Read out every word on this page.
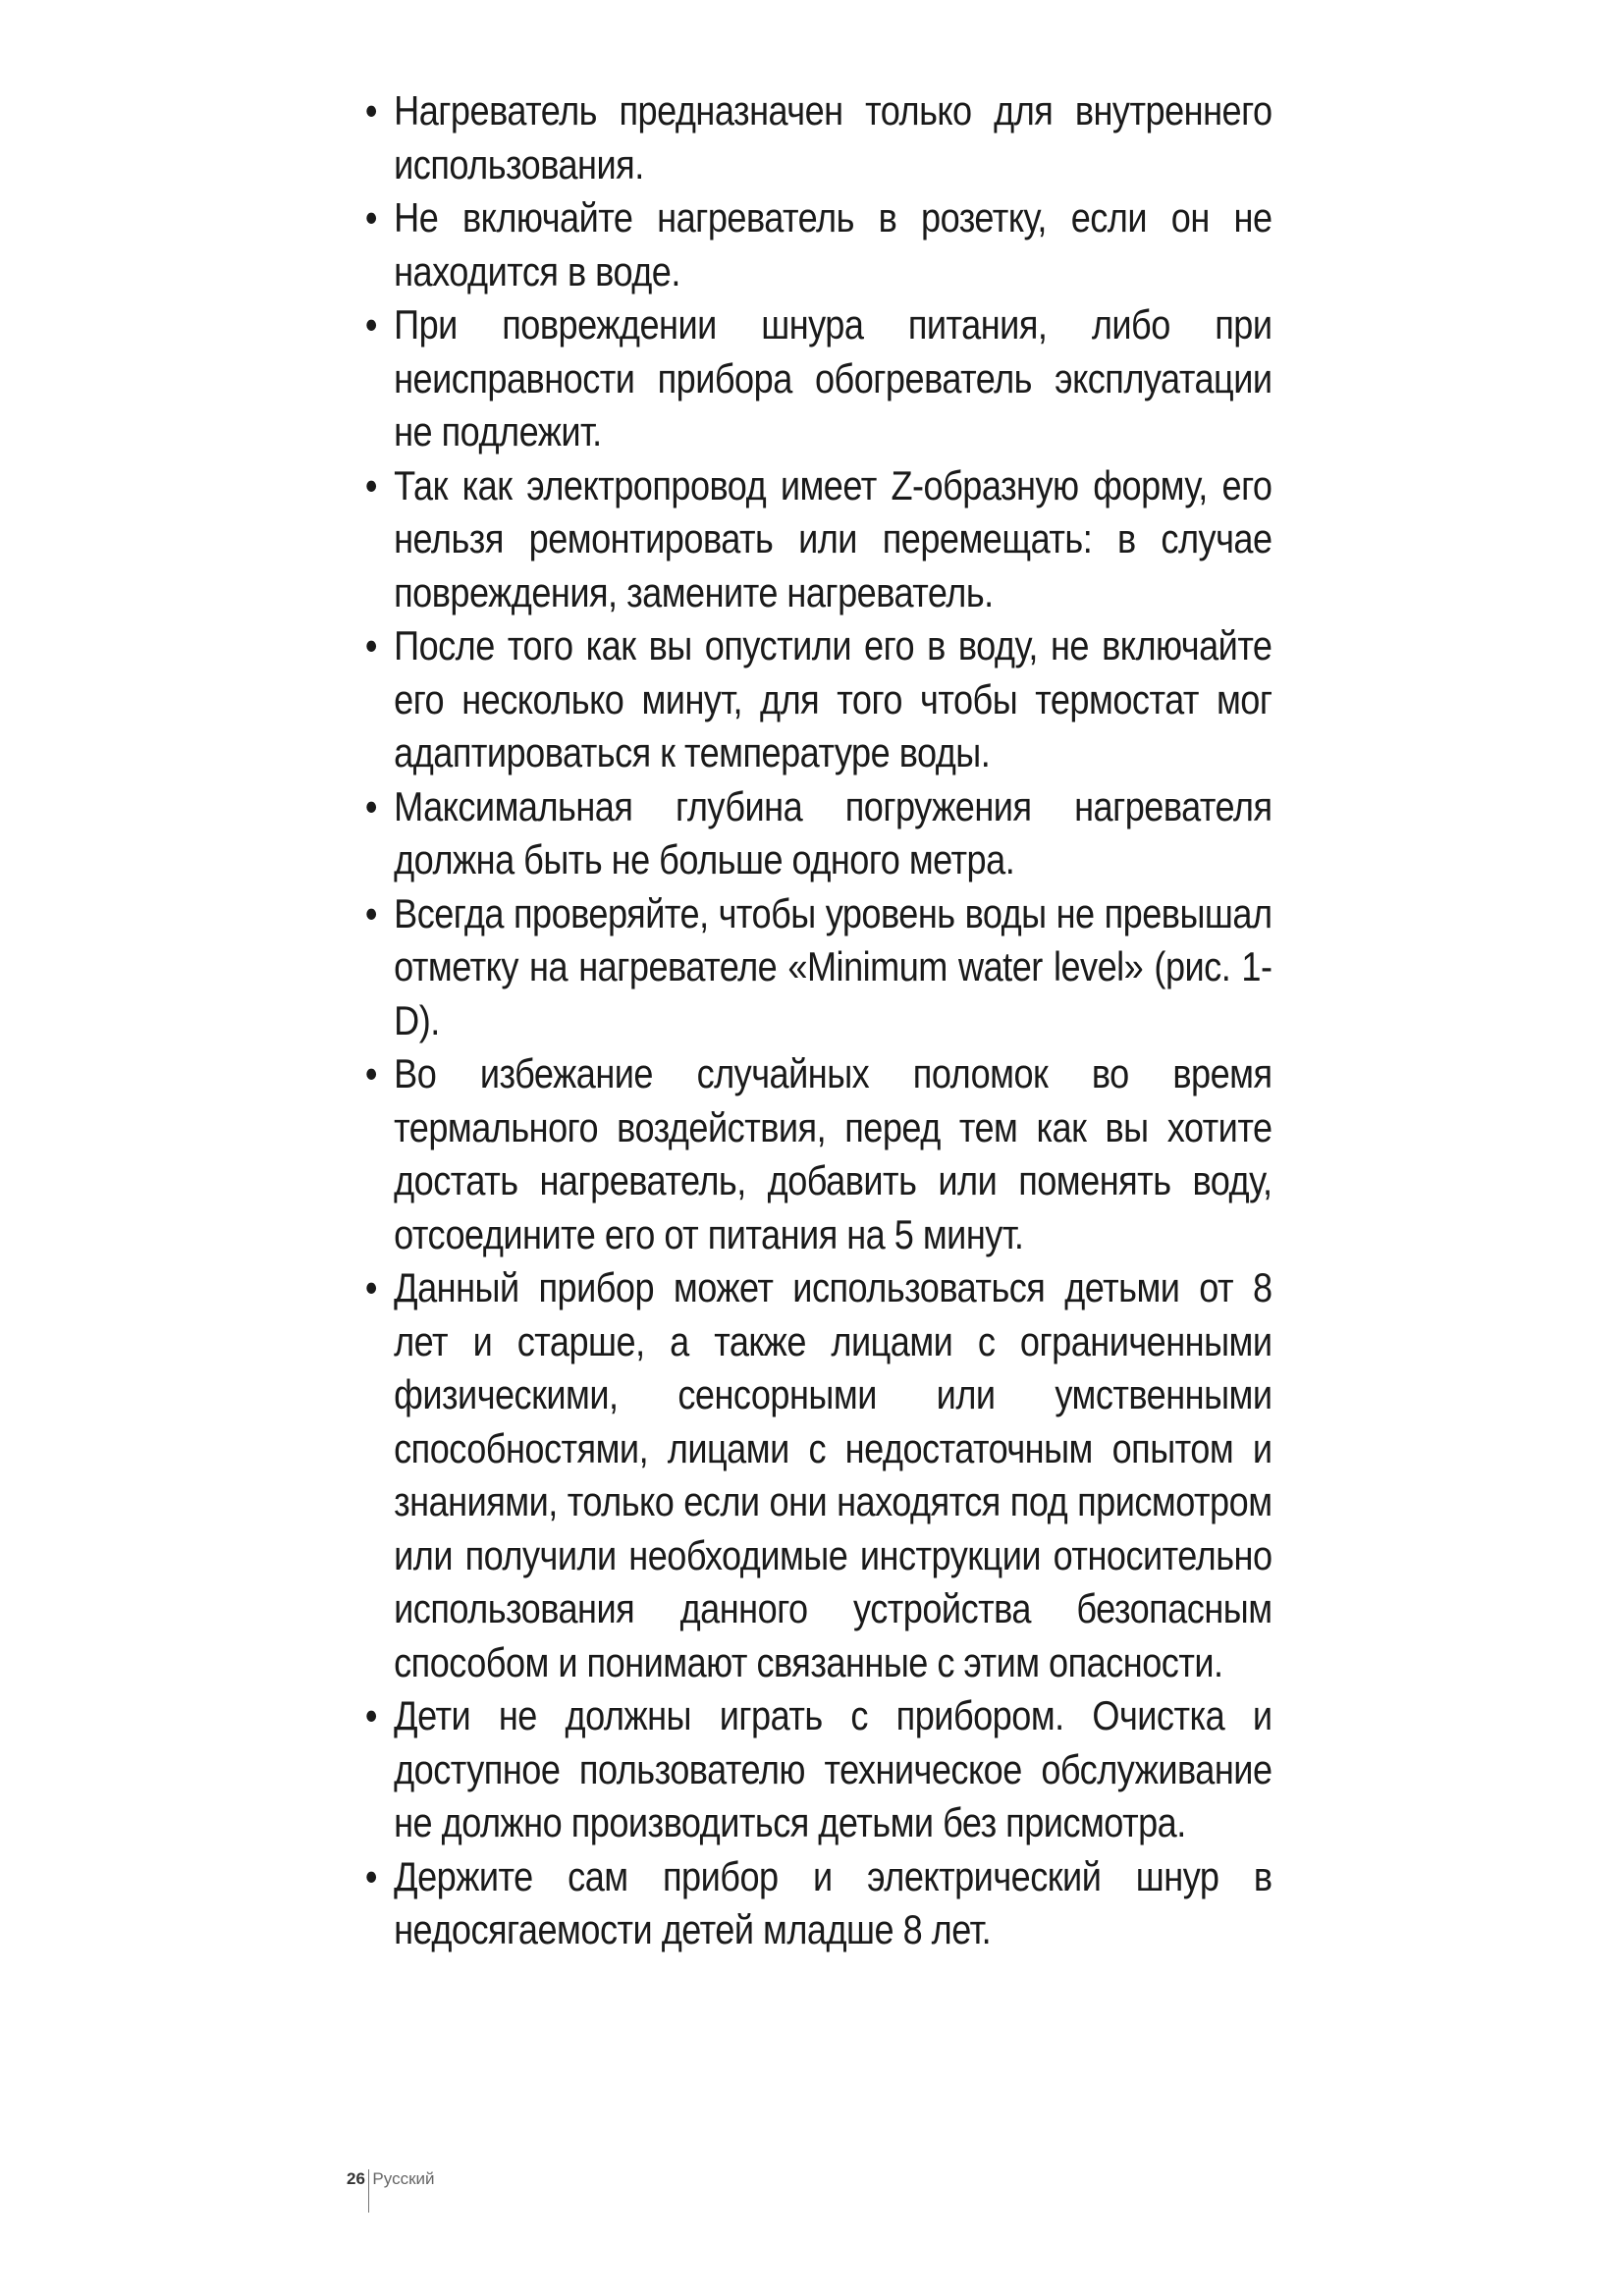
• Нагреватель предназначен только для внутреннего использования.
• Не включайте нагреватель в розетку, если он не находится в воде.
• При повреждении шнура питания, либо при неисправности прибора обогреватель эксплуатации не подлежит.
• Так как электропровод имеет Z-образную форму, его нельзя ремонтировать или перемещать: в случае повреждения, замените нагреватель.
• После того как вы опустили его в воду, не включайте его несколько минут, для того чтобы термостат мог адаптироваться к температуре воды.
• Максимальная глубина погружения нагревателя должна быть не больше одного метра.
• Всегда проверяйте, чтобы уровень воды не превышал отметку на нагревателе «Minimum water level» (рис. 1-D).
• Во избежание случайных поломок во время термального воздействия, перед тем как вы хотите достать нагреватель, добавить или поменять воду, отсоедините его от питания на 5 минут.
• Данный прибор может использоваться детьми от 8 лет и старше, а также лицами с ограниченными физическими, сенсорными или умственными способностями, лицами с недостаточным опытом и знаниями, только если они находятся под присмотром или получили необходимые инструкции относительно использования данного устройства безопасным способом и понимают связанные с этим опасности.
• Дети не должны играть с прибором. Очистка и доступное пользователю техническое обслуживание не должно производиться детьми без присмотра.
• Держите сам прибор и электрический шнур в недосягаемости детей младше 8 лет.
26 Русский
